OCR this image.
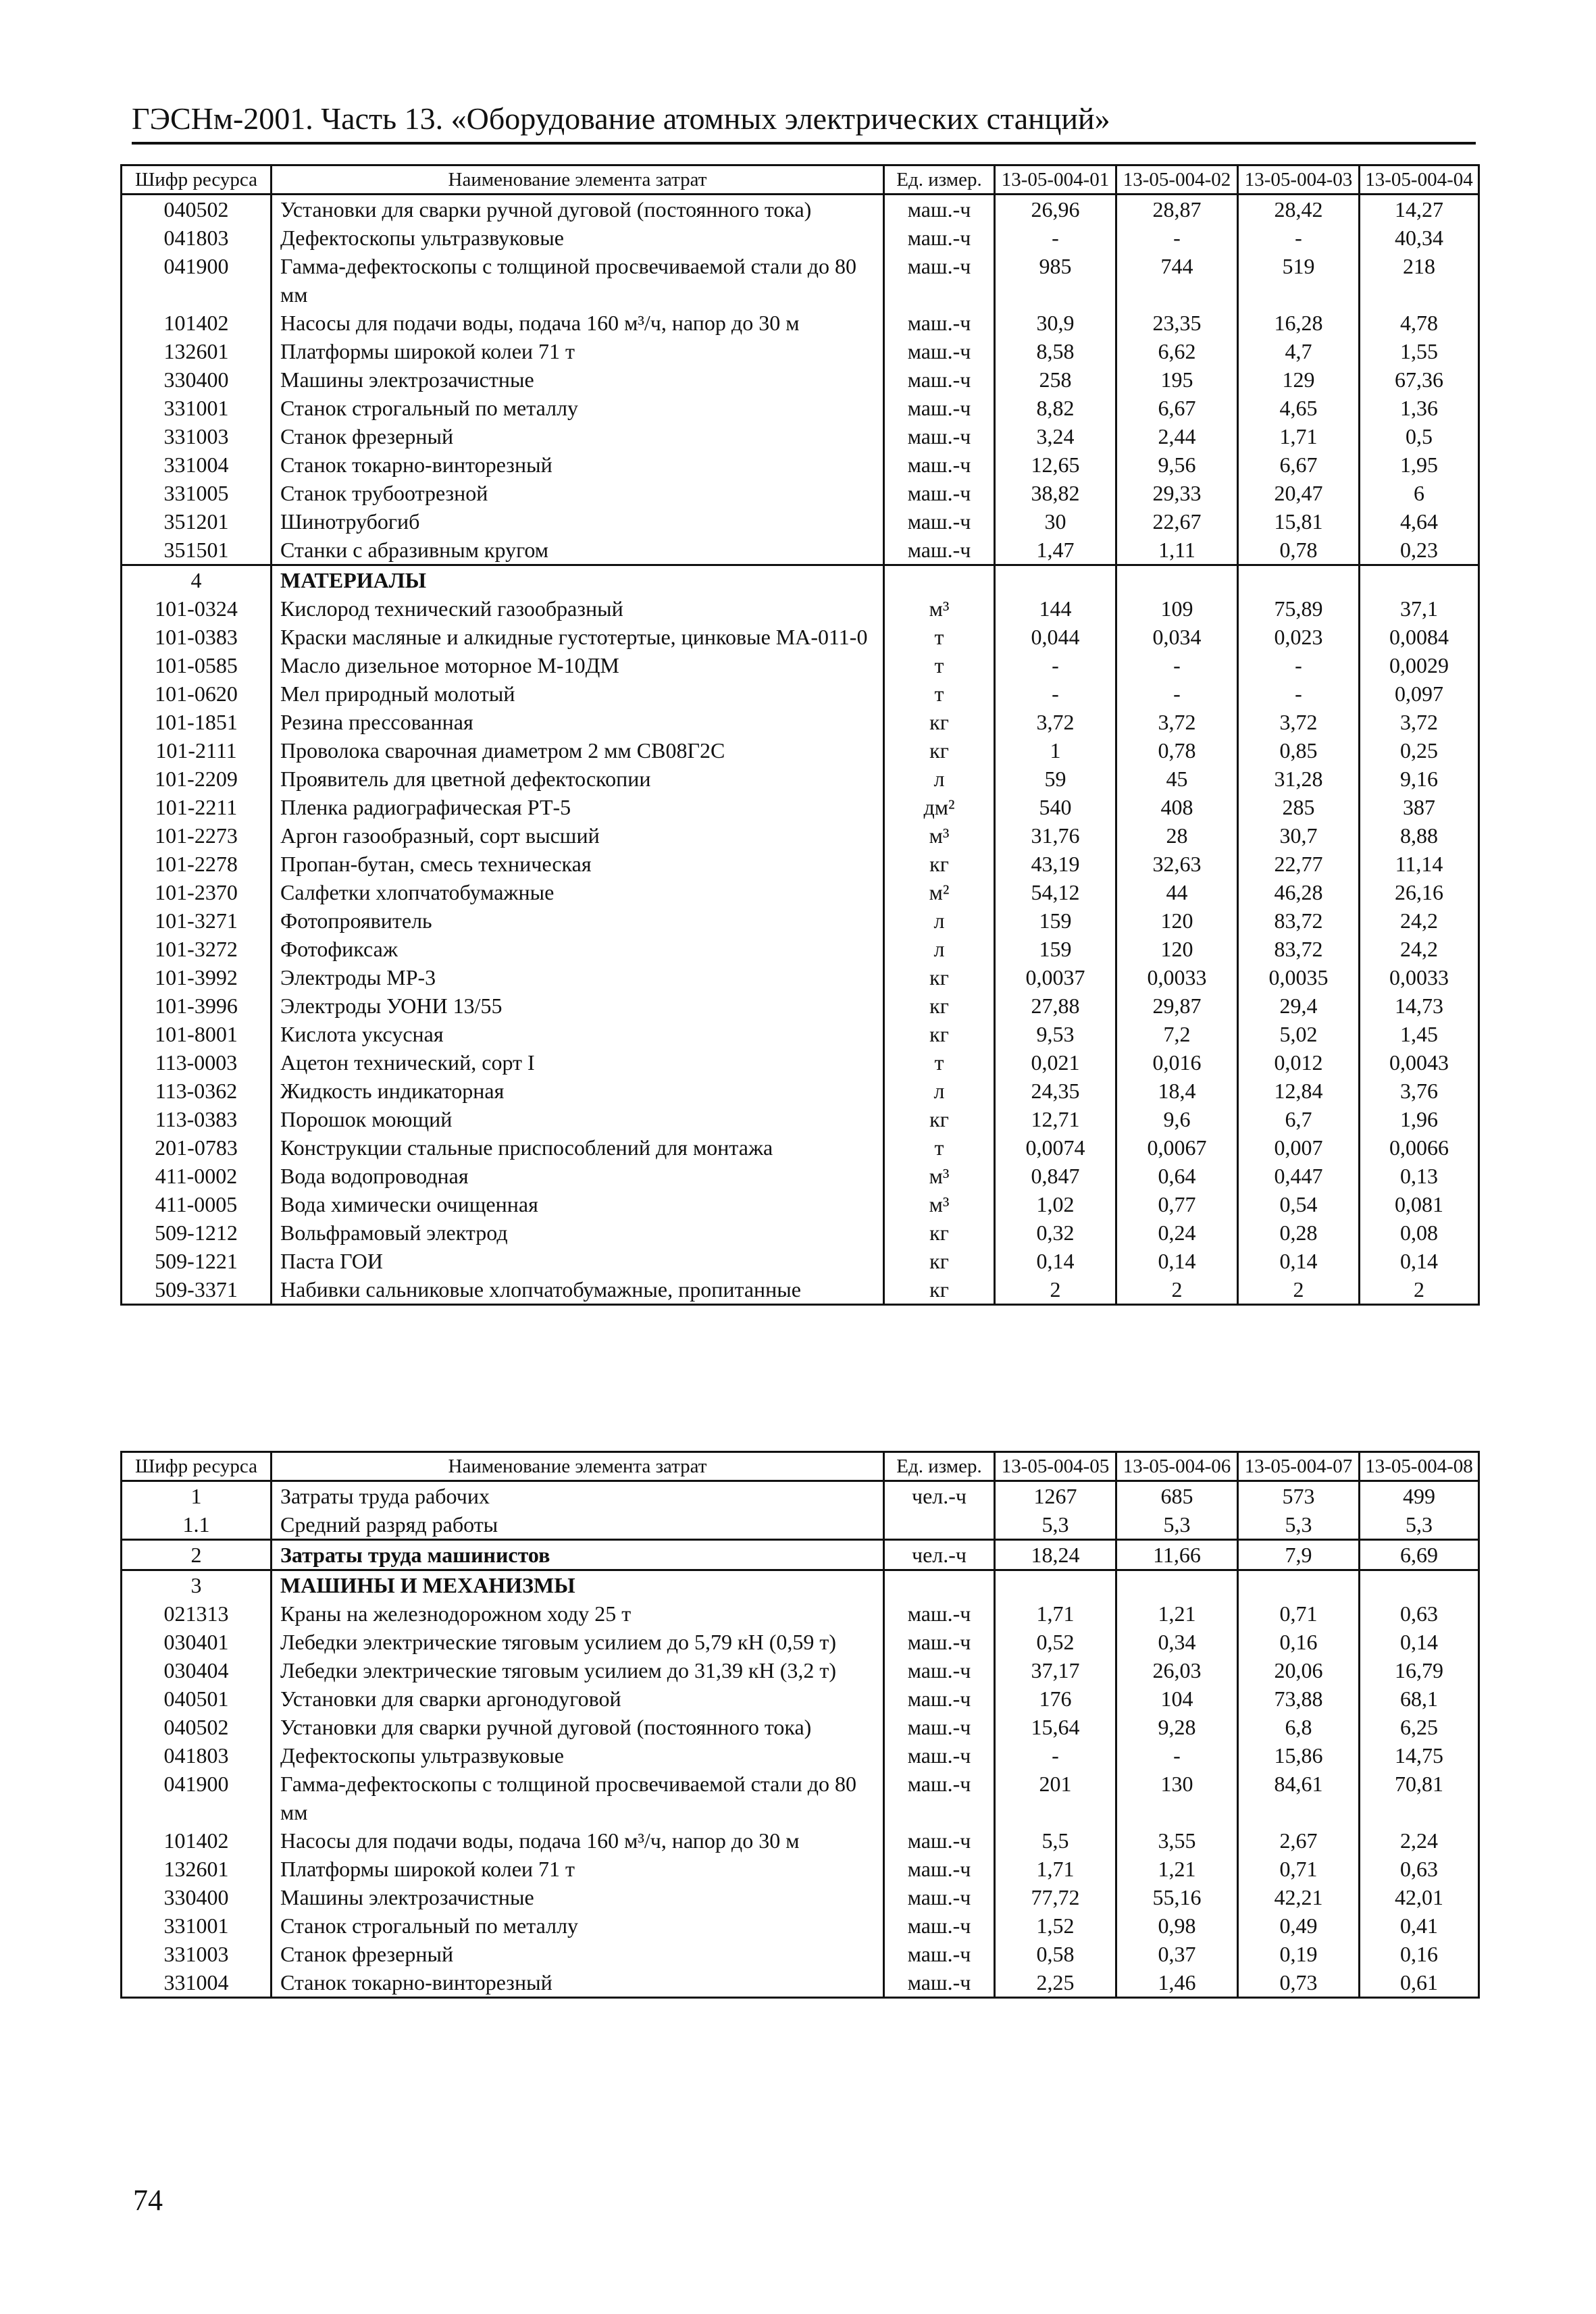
ГЭСНм-2001. Часть 13. «Оборудование атомных электрических станций»
Шифр ресурса	Наименование элемента затрат	Ед. измер.	13-05-004-01	13-05-004-02	13-05-004-03	13-05-004-04
040502	Установки для сварки ручной дуговой (постоянного тока)	маш.-ч	26,96	28,87	28,42	14,27
041803	Дефектоскопы ультразвуковые	маш.-ч	-	-	-	40,34
041900	Гамма-дефектоскопы с толщиной просвечиваемой стали до 80 мм	маш.-ч	985	744	519	218
101402	Насосы для подачи воды, подача 160 м³/ч, напор до 30 м	маш.-ч	30,9	23,35	16,28	4,78
132601	Платформы широкой колеи 71 т	маш.-ч	8,58	6,62	4,7	1,55
330400	Машины электрозачистные	маш.-ч	258	195	129	67,36
331001	Станок строгальный по металлу	маш.-ч	8,82	6,67	4,65	1,36
331003	Станок фрезерный	маш.-ч	3,24	2,44	1,71	0,5
331004	Станок токарно-винторезный	маш.-ч	12,65	9,56	6,67	1,95
331005	Станок трубоотрезной	маш.-ч	38,82	29,33	20,47	6
351201	Шинотрубогиб	маш.-ч	30	22,67	15,81	4,64
351501	Станки с абразивным кругом	маш.-ч	1,47	1,11	0,78	0,23
4	МАТЕРИАЛЫ					
101-0324	Кислород технический газообразный	м³	144	109	75,89	37,1
101-0383	Краски масляные и алкидные густотертые, цинковые МА-011-0	т	0,044	0,034	0,023	0,0084
101-0585	Масло дизельное моторное М-10ДМ	т	-	-	-	0,0029
101-0620	Мел природный молотый	т	-	-	-	0,097
101-1851	Резина прессованная	кг	3,72	3,72	3,72	3,72
101-2111	Проволока сварочная диаметром 2 мм СВ08Г2С	кг	1	0,78	0,85	0,25
101-2209	Проявитель для цветной дефектоскопии	л	59	45	31,28	9,16
101-2211	Пленка радиографическая РТ-5	дм²	540	408	285	387
101-2273	Аргон газообразный, сорт высший	м³	31,76	28	30,7	8,88
101-2278	Пропан-бутан, смесь техническая	кг	43,19	32,63	22,77	11,14
101-2370	Салфетки хлопчатобумажные	м²	54,12	44	46,28	26,16
101-3271	Фотопроявитель	л	159	120	83,72	24,2
101-3272	Фотофиксаж	л	159	120	83,72	24,2
101-3992	Электроды МР-3	кг	0,0037	0,0033	0,0035	0,0033
101-3996	Электроды УОНИ 13/55	кг	27,88	29,87	29,4	14,73
101-8001	Кислота уксусная	кг	9,53	7,2	5,02	1,45
113-0003	Ацетон технический, сорт I	т	0,021	0,016	0,012	0,0043
113-0362	Жидкость индикаторная	л	24,35	18,4	12,84	3,76
113-0383	Порошок моющий	кг	12,71	9,6	6,7	1,96
201-0783	Конструкции стальные приспособлений для монтажа	т	0,0074	0,0067	0,007	0,0066
411-0002	Вода водопроводная	м³	0,847	0,64	0,447	0,13
411-0005	Вода химически очищенная	м³	1,02	0,77	0,54	0,081
509-1212	Вольфрамовый электрод	кг	0,32	0,24	0,28	0,08
509-1221	Паста ГОИ	кг	0,14	0,14	0,14	0,14
509-3371	Набивки сальниковые хлопчатобумажные, пропитанные	кг	2	2	2	2
Шифр ресурса	Наименование элемента затрат	Ед. измер.	13-05-004-05	13-05-004-06	13-05-004-07	13-05-004-08
1	Затраты труда рабочих	чел.-ч	1267	685	573	499
1.1	Средний разряд работы		5,3	5,3	5,3	5,3
2	Затраты труда машинистов	чел.-ч	18,24	11,66	7,9	6,69
3	МАШИНЫ И МЕХАНИЗМЫ					
021313	Краны на железнодорожном ходу 25 т	маш.-ч	1,71	1,21	0,71	0,63
030401	Лебедки электрические тяговым усилием до 5,79 кН (0,59 т)	маш.-ч	0,52	0,34	0,16	0,14
030404	Лебедки электрические тяговым усилием до 31,39 кН (3,2 т)	маш.-ч	37,17	26,03	20,06	16,79
040501	Установки для сварки аргонодуговой	маш.-ч	176	104	73,88	68,1
040502	Установки для сварки ручной дуговой (постоянного тока)	маш.-ч	15,64	9,28	6,8	6,25
041803	Дефектоскопы ультразвуковые	маш.-ч	-	-	15,86	14,75
041900	Гамма-дефектоскопы с толщиной просвечиваемой стали до 80 мм	маш.-ч	201	130	84,61	70,81
101402	Насосы для подачи воды, подача 160 м³/ч, напор до 30 м	маш.-ч	5,5	3,55	2,67	2,24
132601	Платформы широкой колеи 71 т	маш.-ч	1,71	1,21	0,71	0,63
330400	Машины электрозачистные	маш.-ч	77,72	55,16	42,21	42,01
331001	Станок строгальный по металлу	маш.-ч	1,52	0,98	0,49	0,41
331003	Станок фрезерный	маш.-ч	0,58	0,37	0,19	0,16
331004	Станок токарно-винторезный	маш.-ч	2,25	1,46	0,73	0,61
74
